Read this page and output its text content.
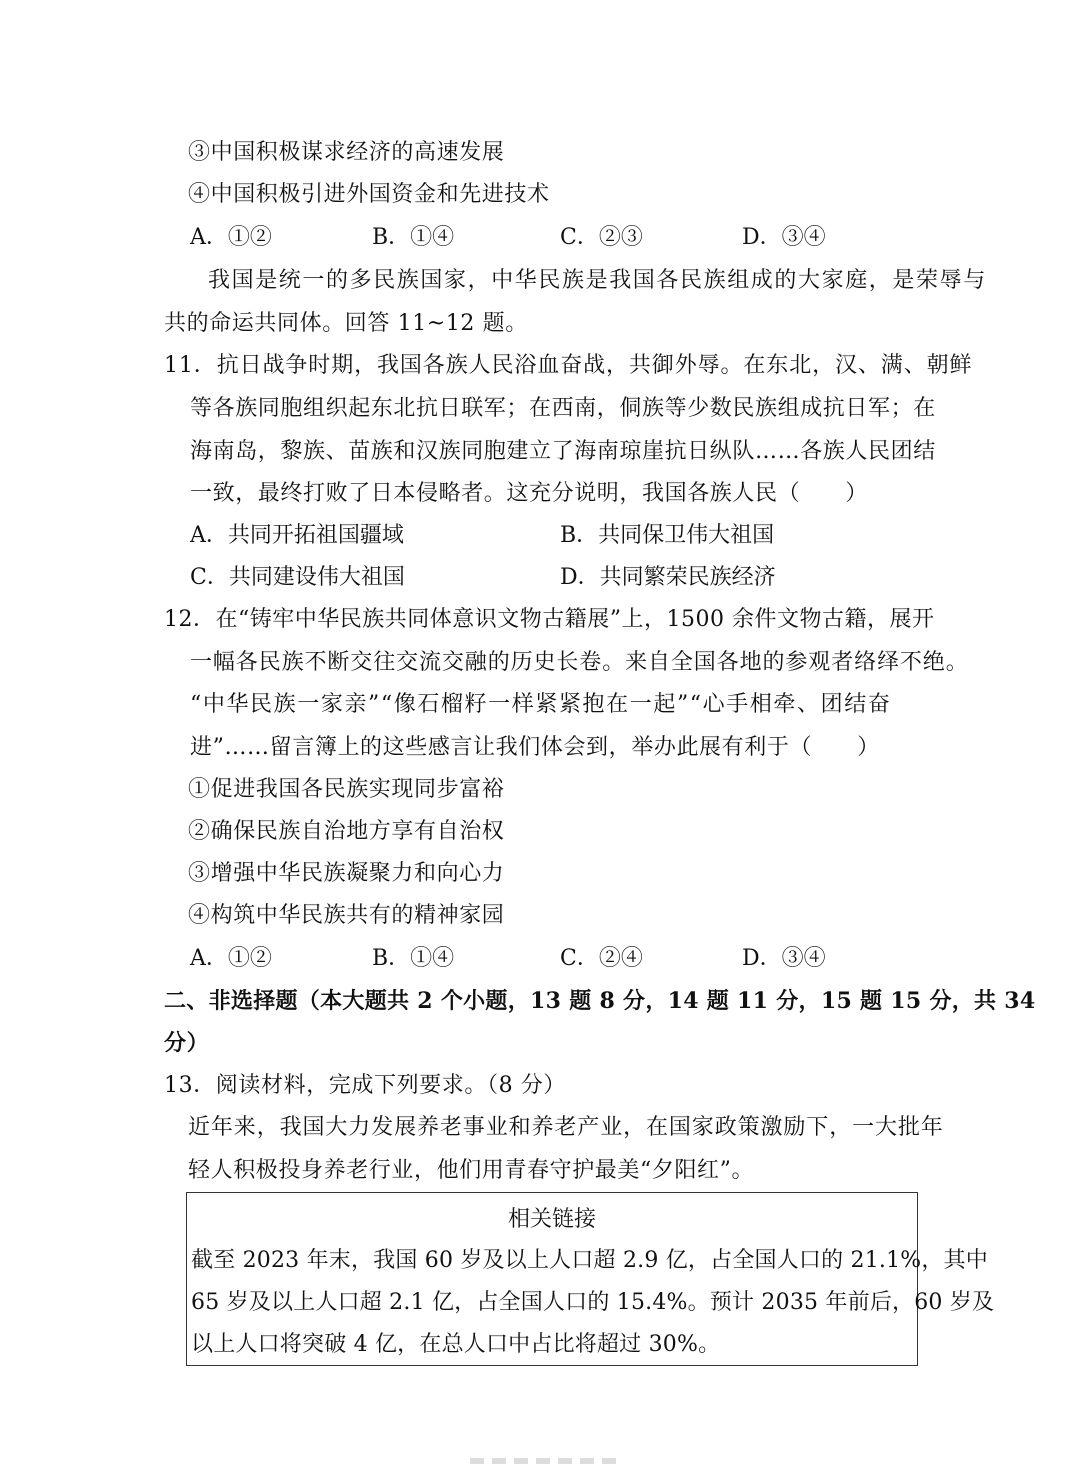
③中国积极谋求经济的高速发展
④中国积极引进外国资金和先进技术
A．①②	B．①④	C．②③	D．③④
我国是统一的多民族国家，中华民族是我国各民族组成的大家庭，是荣辱与
共的命运共同体。回答 11~12 题。
11．抗日战争时期，我国各族人民浴血奋战，共御外辱。在东北，汉、满、朝鲜
等各族同胞组织起东北抗日联军；在西南，侗族等少数民族组成抗日军；在
海南岛，黎族、苗族和汉族同胞建立了海南琼崖抗日纵队……各族人民团结
一致，最终打败了日本侵略者。这充分说明，我国各族人民（　　）
A．共同开拓祖国疆域	B．共同保卫伟大祖国
C．共同建设伟大祖国	D．共同繁荣民族经济
12．在“铸牢中华民族共同体意识文物古籍展”上，1500 余件文物古籍，展开
一幅各民族不断交往交流交融的历史长卷。来自全国各地的参观者络绎不绝。
“中华民族一家亲”“像石榴籽一样紧紧抱在一起”“心手相牵、团结奋
进”……留言簿上的这些感言让我们体会到，举办此展有利于（　　）
①促进我国各民族实现同步富裕
②确保民族自治地方享有自治权
③增强中华民族凝聚力和向心力
④构筑中华民族共有的精神家园
A．①②	B．①④	C．②④	D．③④
二、非选择题（本大题共 2 个小题，13 题 8 分，14 题 11 分，15 题 15 分，共 34
分）
13．阅读材料，完成下列要求。（8 分）
近年来，我国大力发展养老事业和养老产业，在国家政策激励下，一大批年
轻人积极投身养老行业，他们用青春守护最美“夕阳红”。
相关链接
截至 2023 年末，我国 60 岁及以上人口超 2.9 亿，占全国人口的 21.1%，其中
65 岁及以上人口超 2.1 亿，占全国人口的 15.4%。预计 2035 年前后，60 岁及
以上人口将突破 4 亿，在总人口中占比将超过 30%。
